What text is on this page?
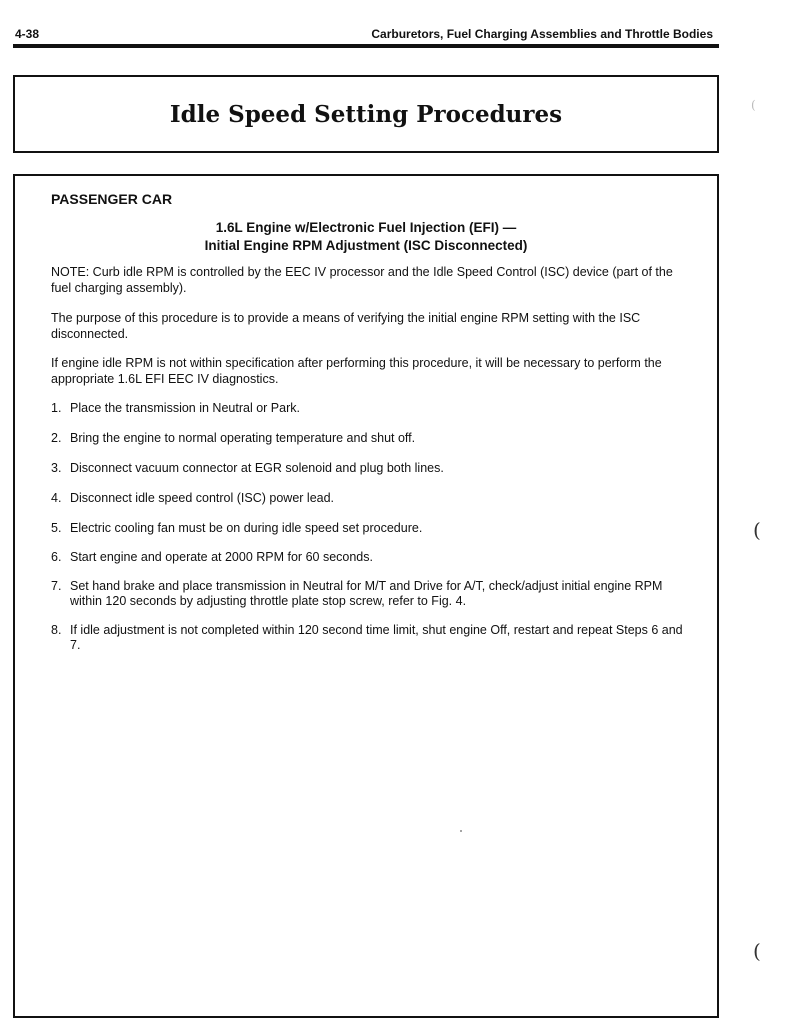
4-38	Carburetors, Fuel Charging Assemblies and Throttle Bodies
Idle Speed Setting Procedures
PASSENGER CAR
1.6L Engine w/Electronic Fuel Injection (EFI) —
Initial Engine RPM Adjustment (ISC Disconnected)
NOTE: Curb idle RPM is controlled by the EEC IV processor and the Idle Speed Control (ISC) device (part of the fuel charging assembly).
The purpose of this procedure is to provide a means of verifying the initial engine RPM setting with the ISC disconnected.
If engine idle RPM is not within specification after performing this procedure, it will be necessary to perform the appropriate 1.6L EFI EEC IV diagnostics.
1. Place the transmission in Neutral or Park.
2. Bring the engine to normal operating temperature and shut off.
3. Disconnect vacuum connector at EGR solenoid and plug both lines.
4. Disconnect idle speed control (ISC) power lead.
5. Electric cooling fan must be on during idle speed set procedure.
6. Start engine and operate at 2000 RPM for 60 seconds.
7. Set hand brake and place transmission in Neutral for M/T and Drive for A/T, check/adjust initial engine RPM within 120 seconds by adjusting throttle plate stop screw, refer to Fig. 4.
8. If idle adjustment is not completed within 120 second time limit, shut engine Off, restart and repeat Steps 6 and 7.
(
(
(
